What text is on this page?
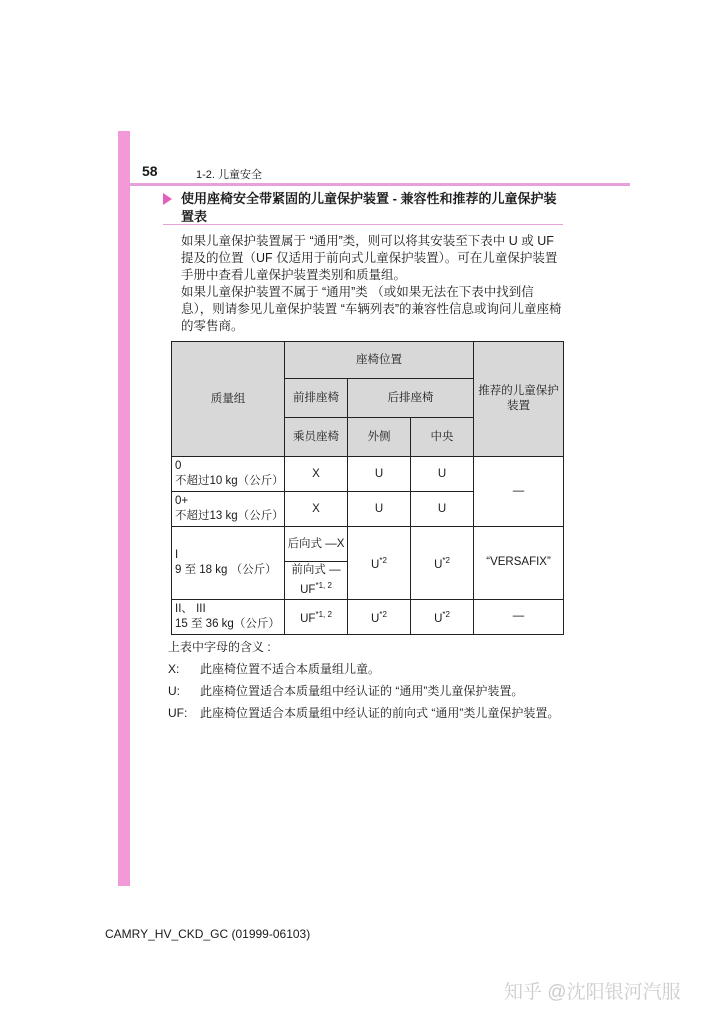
58	1-2. 儿童安全
使用座椅安全带紧固的儿童保护装置 - 兼容性和推荐的儿童保护装置表
如果儿童保护装置属于 “通用”类，则可以将其安装至下表中 U 或 UF 提及的位置（UF 仅适用于前向式儿童保护装置）。可在儿童保护装置手册中查看儿童保护装置类别和质量组。
如果儿童保护装置不属于 “通用”类 （或如果无法在下表中找到信息），则请参见儿童保护装置 “车辆列表”的兼容性信息或询问儿童座椅的零售商。
质量组	座椅位置			推荐的儿童保护装置
	前排座椅	后排座椅		
	乘员座椅	外侧	中央	
0
不超过10 kg（公斤）	X	U	U	—
0+
不超过13 kg（公斤）	X	U	U	
I
9 至 18 kg （公斤）	后向式 —X	$U^{*2}$	$U^{*2}$	“VERSAFIX”
	前向式 —UF$^{*1, 2}$
II、 III
15 至 36 kg（公斤）	UF$^{*1, 2}$	$U^{*2}$	$U^{*2}$	—
上表中字母的含义 :
X: 此座椅位置不适合本质量组儿童。
U: 此座椅位置适合本质量组中经认证的 “通用”类儿童保护装置。
UF:	此座椅位置适合本质量组中经认证的前向式 “通用”类儿童保护装置。
CAMRY_HV_CKD_GC (01999-06103)
知乎 @沈阳银河汽服
